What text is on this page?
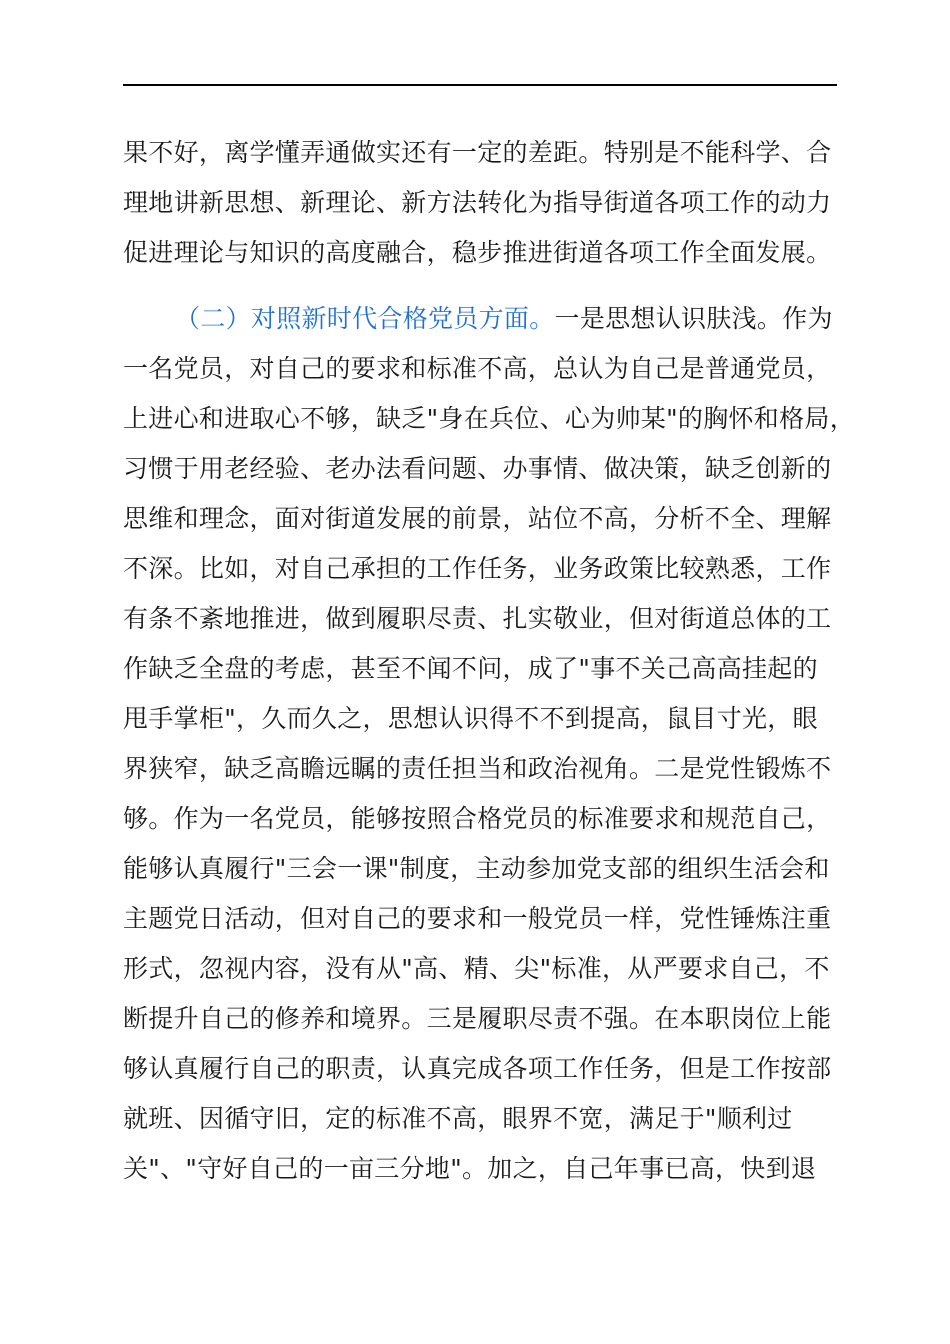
果不好，离学懂弄通做实还有一定的差距。特别是不能科学、合
理地讲新思想、新理论、新方法转化为指导街道各项工作的动力
促进理论与知识的高度融合，稳步推进街道各项工作全面发展。
（二）对照新时代合格党员方面。一是思想认识肤浅。作为
一名党员，对自己的要求和标准不高，总认为自己是普通党员，
上进心和进取心不够，缺乏"身在兵位、心为帅某"的胸怀和格局，
习惯于用老经验、老办法看问题、办事情、做决策，缺乏创新的
思维和理念，面对街道发展的前景，站位不高，分析不全、理解
不深。比如，对自己承担的工作任务，业务政策比较熟悉，工作
有条不紊地推进，做到履职尽责、扎实敬业，但对街道总体的工
作缺乏全盘的考虑，甚至不闻不问，成了"事不关己高高挂起的
甩手掌柜"，久而久之，思想认识得不不到提高，鼠目寸光，眼
界狭窄，缺乏高瞻远瞩的责任担当和政治视角。二是党性锻炼不
够。作为一名党员，能够按照合格党员的标准要求和规范自己，
能够认真履行"三会一课"制度，主动参加党支部的组织生活会和
主题党日活动，但对自己的要求和一般党员一样，党性锤炼注重
形式，忽视内容，没有从"高、精、尖"标准，从严要求自己，不
断提升自己的修养和境界。三是履职尽责不强。在本职岗位上能
够认真履行自己的职责，认真完成各项工作任务，但是工作按部
就班、因循守旧，定的标准不高，眼界不宽，满足于"顺利过
关"、"守好自己的一亩三分地"。加之，自己年事已高，快到退
